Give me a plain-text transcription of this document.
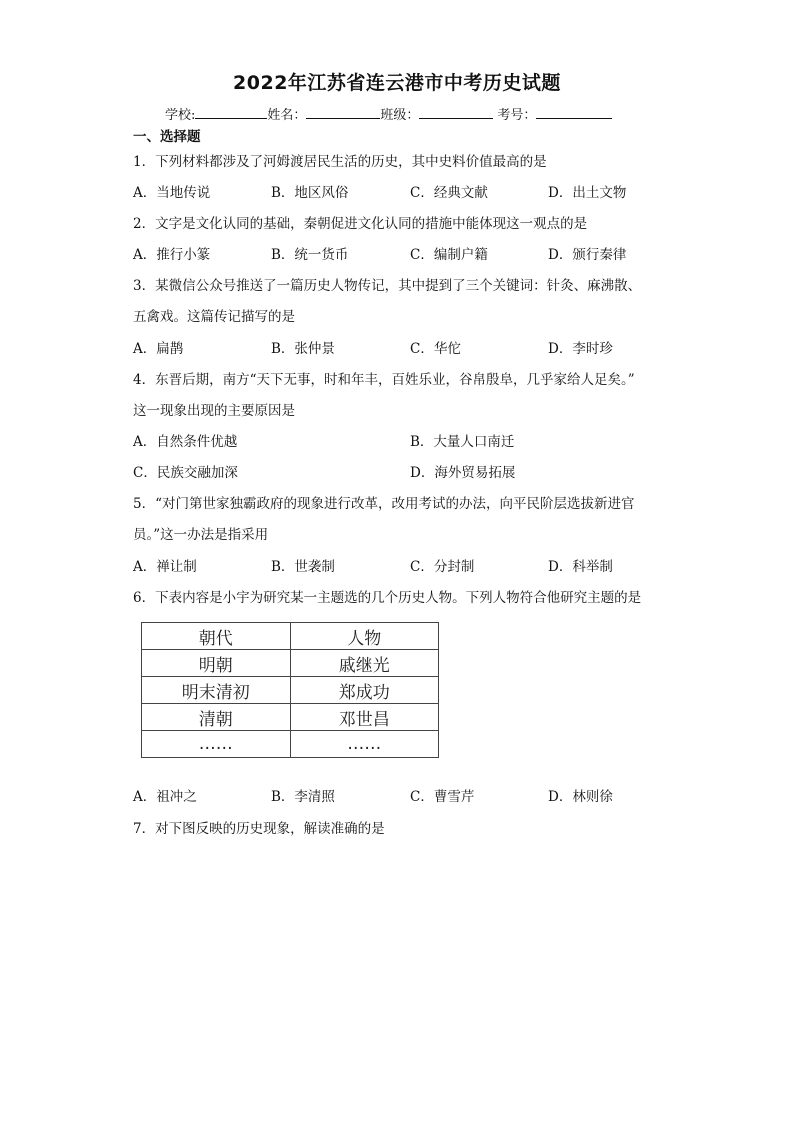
2022年江苏省连云港市中考历史试题
学校:	姓名：	班级：	考号：
一、选择题
1．下列材料都涉及了河姆渡居民生活的历史，其中史料价值最高的是
A．当地传说	B．地区风俗	C．经典文献	D．出土文物
2．文字是文化认同的基础，秦朝促进文化认同的措施中能体现这一观点的是
A．推行小篆	B．统一货币	C．编制户籍	D．颁行秦律
3．某微信公众号推送了一篇历史人物传记，其中提到了三个关键词：针灸、麻沸散、
五禽戏。这篇传记描写的是
A．扁鹊	B．张仲景	C．华佗	D．李时珍
4．东晋后期，南方“天下无事，时和年丰，百姓乐业，谷帛殷阜，几乎家给人足矣。”
这一现象出现的主要原因是
A．自然条件优越	B．大量人口南迁
C．民族交融加深	D．海外贸易拓展
5．“对门第世家独霸政府的现象进行改革，改用考试的办法，向平民阶层选拔新进官
员。”这一办法是指采用
A．禅让制	B．世袭制	C．分封制	D．科举制
6．下表内容是小宇为研究某一主题选的几个历史人物。下列人物符合他研究主题的是
朝代	人物
明朝	戚继光
明末清初	郑成功
清朝	邓世昌
……	……
A．祖冲之	B．李清照	C．曹雪芹	D．林则徐
7．对下图反映的历史现象，解读准确的是
